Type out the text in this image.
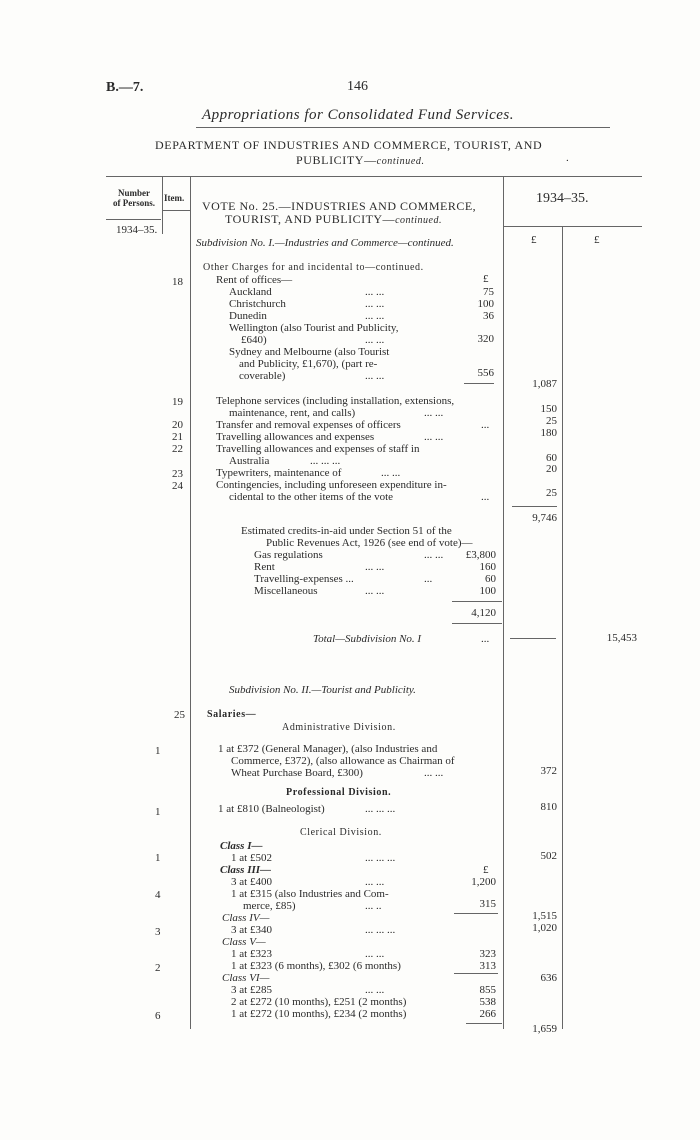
B.—7.	146
Appropriations for Consolidated Fund Services.
DEPARTMENT OF INDUSTRIES AND COMMERCE, TOURIST, AND
PUBLICITY—continued.	.
Number
of Persons.	Item.
VOTE No. 25.—INDUSTRIES AND COMMERCE,
TOURIST, AND PUBLICITY—continued.
1934–35.
1934–35.
£	£
Subdivision No. I.—Industries and Commerce—continued.
Other Charges for and incidental to—continued.
18	Rent of offices—	£
Auckland	... ...	75
Christchurch	... ...	100
Dunedin	... ...	36
Wellington (also Tourist and Publicity,
£640)	... ...	320
Sydney and Melbourne (also Tourist
and Publicity, £1,670), (part re-
coverable)	... ...	556
1,087
19	Telephone services (including installation, extensions,
maintenance, rent, and calls)	... ...	150
20	Transfer and removal expenses of officers	...	25
21	Travelling allowances and expenses	... ...	180
22	Travelling allowances and expenses of staff in
Australia	... ... ...	60
23	Typewriters, maintenance of	... ...	20
24	Contingencies, including unforeseen expenditure in-
cidental to the other items of the vote	...	25
9,746
Estimated credits-in-aid under Section 51 of the
Public Revenues Act, 1926 (see end of vote)—
Gas regulations	... ...	£3,800
Rent	... ...	160
Travelling-expenses ...	...	60
Miscellaneous	... ...	100
4,120
Total—Subdivision No. I	...	15,453
Subdivision No. II.—Tourist and Publicity.
25 Salaries—
Administrative Division.
1	1 at £372 (General Manager), (also Industries and
Commerce, £372), (also allowance as Chairman of
Wheat Purchase Board, £300)	... ...	372
Professional Division.
1	1 at £810 (Balneologist)	... ... ...	810
Clerical Division.
Class I—
1	1 at £502	... ... ...	502
Class III—	£
3 at £400	... ...	1,200
4	1 at £315 (also Industries and Com-
merce, £85)	... ..	315
1,515
Class IV—
3	3 at £340	... ... ...	1,020
Class V—
1 at £323	... ...	323
2	1 at £323 (6 months), £302 (6 months)	313
636
Class VI—
3 at £285	... ...	855
2 at £272 (10 months), £251 (2 months)	538
6	1 at £272 (10 months), £234 (2 months)	266
1,659
